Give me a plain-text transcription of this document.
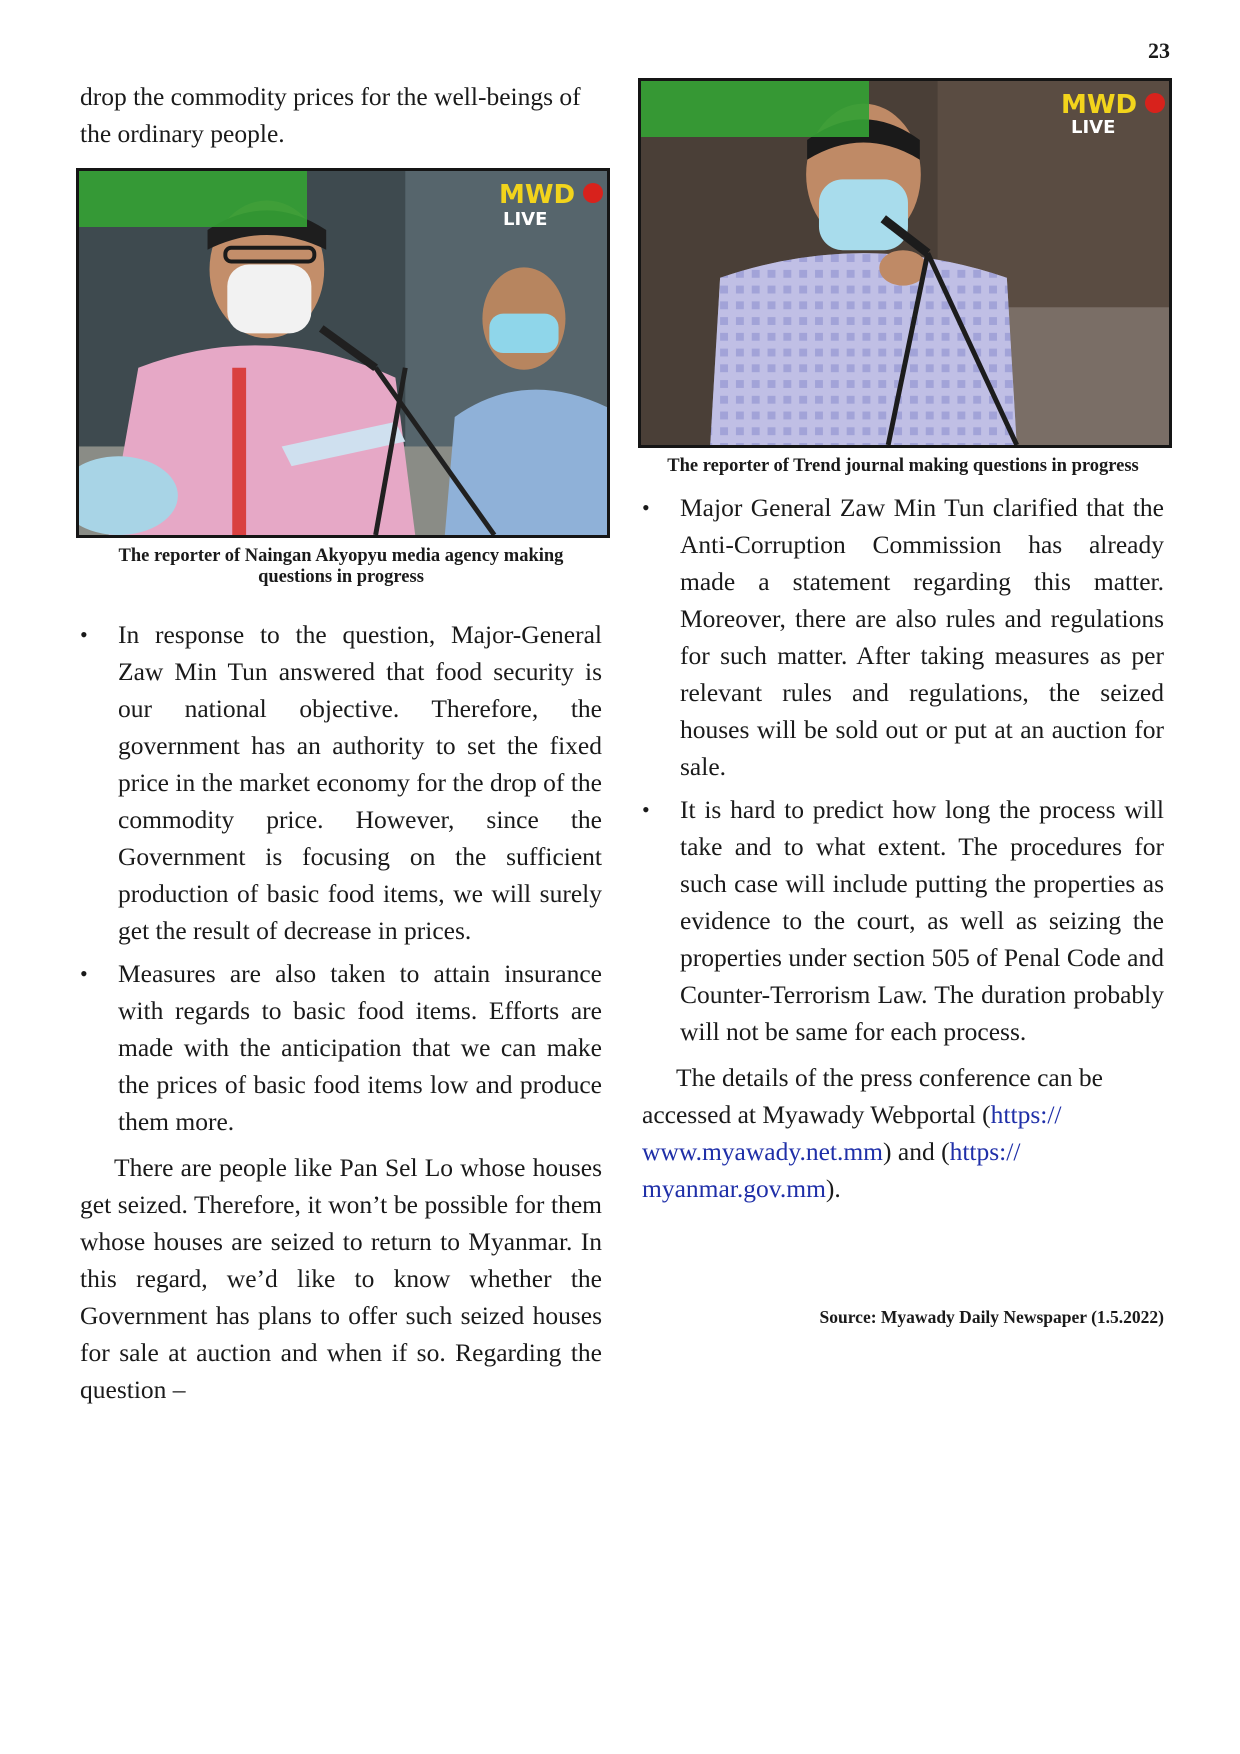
23

drop the commodity prices for the well-beings of the ordinary people.

MWD
LIVE

The reporter of Naingan Akyopyu media agency making questions in progress

• In response to the question, Major-General Zaw Min Tun answered that food security is our national objective. Therefore, the government has an authority to set the fixed price in the market economy for the drop of the commodity price. However, since the Government is focusing on the sufficient production of basic food items, we will surely get the result of decrease in prices.
• Measures are also taken to attain insurance with regards to basic food items. Efforts are made with the anticipation that we can make the prices of basic food items low and produce them more.

There are people like Pan Sel Lo whose houses get seized. Therefore, it won’t be possible for them whose houses are seized to return to Myanmar. In this regard, we’d like to know whether the Government has plans to offer such seized houses for sale at auction and when if so. Regarding the question –

MWD
LIVE

The reporter of Trend journal making questions in progress

• Major General Zaw Min Tun clarified that the Anti-Corruption Commission has already made a statement regarding this matter. Moreover, there are also rules and regulations for such matter. After taking measures as per relevant rules and regulations, the seized houses will be sold out or put at an auction for sale.
• It is hard to predict how long the process will take and to what extent. The procedures for such case will include putting the properties as evidence to the court, as well as seizing the properties under section 505 of Penal Code and Counter-Terrorism Law. The duration probably will not be same for each process.

The details of the press conference can be accessed at Myawady Webportal (https:// www.myawady.net.mm) and (https:// myanmar.gov.mm).

Source: Myawady Daily Newspaper (1.5.2022)
